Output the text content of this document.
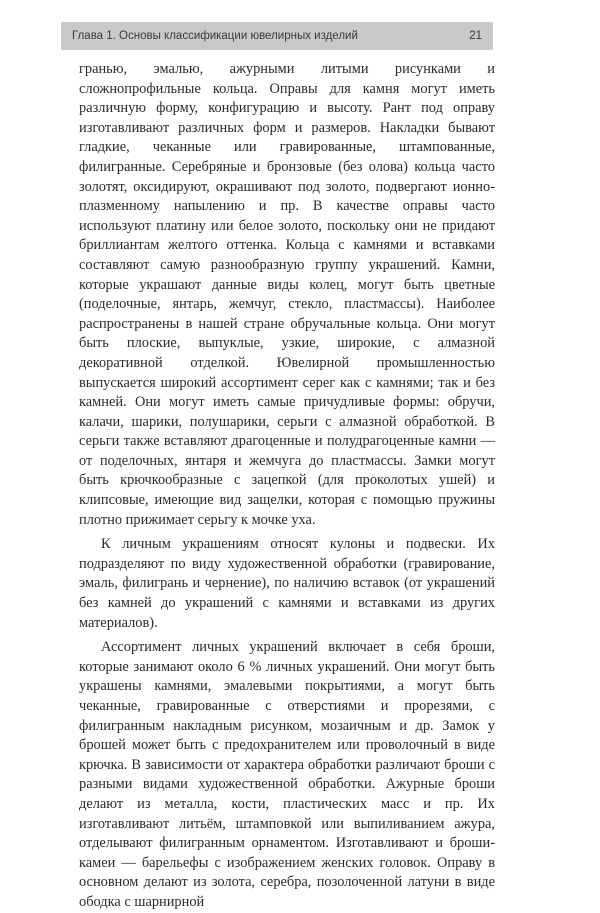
Глава 1. Основы классификации ювелирных изделий	21

гранью, эмалью, ажурными литыми рисунками и сложнопрофильные кольца. Оправы для камня могут иметь различную форму, конфигурацию и высоту. Рант под оправу изготавливают различных форм и размеров. Накладки бывают гладкие, чеканные или гравированные, штампованные, филигранные. Серебряные и бронзовые (без олова) кольца часто золотят, оксидируют, окрашивают под золото, подвергают ионно-плазменному напылению и пр. В качестве оправы часто используют платину или белое золото, поскольку они не придают бриллиантам желтого оттенка. Кольца с камнями и вставками составляют самую разнообразную группу украшений. Камни, которые украшают данные виды колец, могут быть цветные (поделочные, янтарь, жемчуг, стекло, пластмассы). Наиболее распространены в нашей стране обручальные кольца. Они могут быть плоские, выпуклые, узкие, широкие, с алмазной декоративной отделкой. Ювелирной промышленностью выпускается широкий ассортимент серег как с камнями; так и без камней. Они могут иметь самые причудливые формы: обручи, калачи, шарики, полушарики, серьги с алмазной обработкой. В серьги также вставляют драгоценные и полудрагоценные камни — от поделочных, янтаря и жемчуга до пластмассы. Замки могут быть крючкообразные с зацепкой (для проколотых ушей) и клипсовые, имеющие вид защелки, которая с помощью пружины плотно прижимает серьгу к мочке уха.

К личным украшениям относят кулоны и подвески. Их подразделяют по виду художественной обработки (гравирование, эмаль, филигрань и чернение), по наличию вставок (от украшений без камней до украшений с камнями и вставками из других материалов).

Ассортимент личных украшений включает в себя броши, которые занимают около 6 % личных украшений. Они могут быть украшены камнями, эмалевыми покрытиями, а могут быть чеканные, гравированные с отверстиями и прорезями, с филигранным накладным рисунком, мозаичным и др. Замок у брошей может быть с предохранителем или проволочный в виде крючка. В зависимости от характера обработки различают броши с разными видами художественной обработки. Ажурные броши делают из металла, кости, пластических масс и пр. Их изготавливают литьём, штамповкой или выпиливанием ажура, отделывают филигранным орнаментом. Изготавливают и броши-камеи — барельефы с изображением женских головок. Оправу в основном делают из золота, серебра, позолоченной латуни в виде ободка с шарнирной
